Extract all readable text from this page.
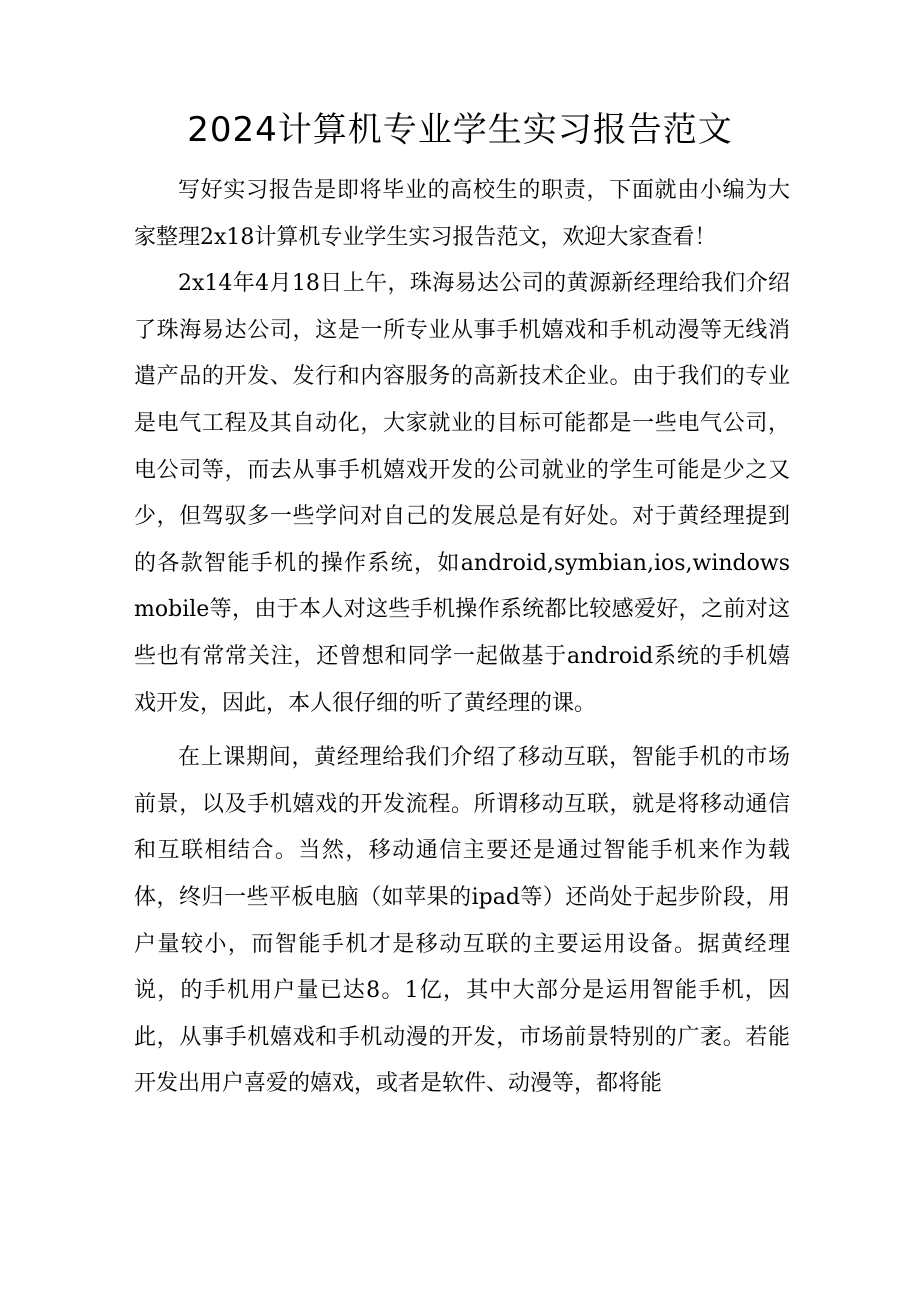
2024计算机专业学生实习报告范文

写好实习报告是即将毕业的高校生的职责，下面就由小编为大家整理2x18计算机专业学生实习报告范文，欢迎大家查看！

2x14年4月18日上午，珠海易达公司的黄源新经理给我们介绍了珠海易达公司，这是一所专业从事手机嬉戏和手机动漫等无线消遣产品的开发、发行和内容服务的高新技术企业。由于我们的专业是电气工程及其自动化，大家就业的目标可能都是一些电气公司，电公司等，而去从事手机嬉戏开发的公司就业的学生可能是少之又少，但驾驭多一些学问对自己的发展总是有好处。对于黄经理提到的各款智能手机的操作系统，如android,symbian,ios,windowsmobile等，由于本人对这些手机操作系统都比较感爱好，之前对这些也有常常关注，还曾想和同学一起做基于android系统的手机嬉戏开发，因此，本人很仔细的听了黄经理的课。

在上课期间，黄经理给我们介绍了移动互联，智能手机的市场前景，以及手机嬉戏的开发流程。所谓移动互联，就是将移动通信和互联相结合。当然，移动通信主要还是通过智能手机来作为载体，终归一些平板电脑（如苹果的ipad等）还尚处于起步阶段，用户量较小，而智能手机才是移动互联的主要运用设备。据黄经理说，的手机用户量已达8。1亿，其中大部分是运用智能手机，因此，从事手机嬉戏和手机动漫的开发，市场前景特别的广袤。若能开发出用户喜爱的嬉戏，或者是软件、动漫等，都将能
